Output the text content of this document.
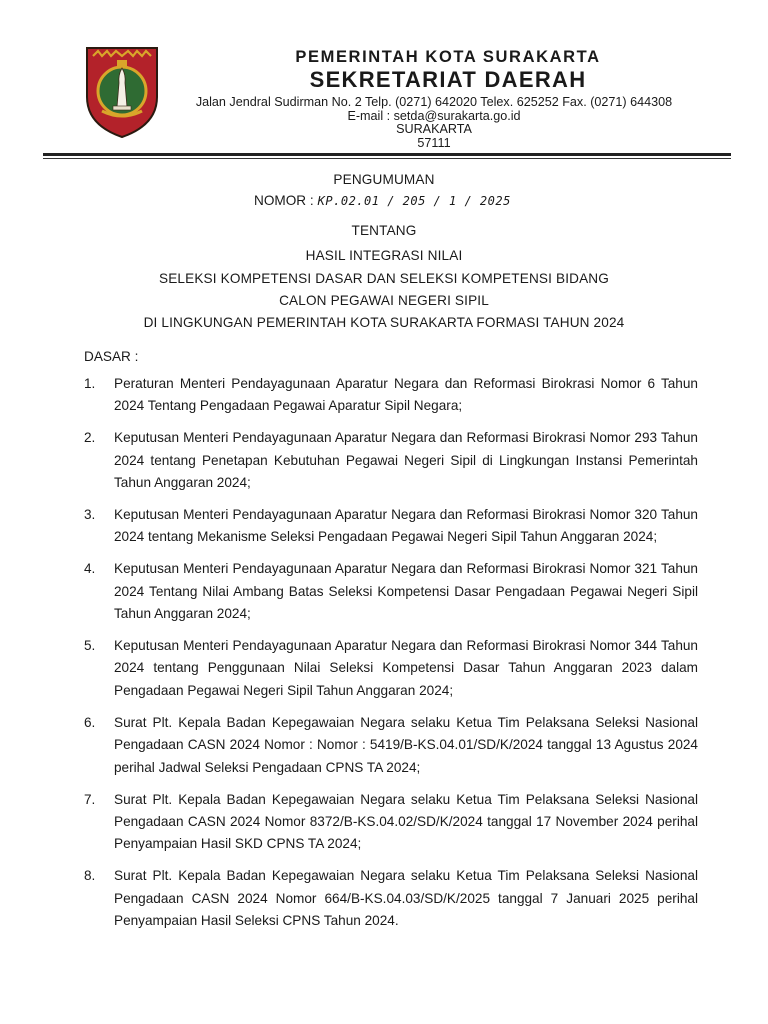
PEMERINTAH KOTA SURAKARTA
SEKRETARIAT DAERAH
Jalan Jendral Sudirman No. 2 Telp. (0271) 642020 Telex. 625252 Fax. (0271) 644308
E-mail : setda@surakarta.go.id
SURAKARTA
57111
PENGUMUMAN
NOMOR : KP.02.01 / 205 / 1 / 2025
TENTANG
HASIL INTEGRASI NILAI
SELEKSI KOMPETENSI DASAR DAN SELEKSI KOMPETENSI BIDANG
CALON PEGAWAI NEGERI SIPIL
DI LINGKUNGAN PEMERINTAH KOTA SURAKARTA FORMASI TAHUN 2024
DASAR :
1.	Peraturan Menteri Pendayagunaan Aparatur Negara dan Reformasi Birokrasi Nomor 6 Tahun 2024 Tentang Pengadaan Pegawai Aparatur Sipil Negara;
2.	Keputusan Menteri Pendayagunaan Aparatur Negara dan Reformasi Birokrasi Nomor 293 Tahun 2024 tentang Penetapan Kebutuhan Pegawai Negeri Sipil di Lingkungan Instansi Pemerintah Tahun Anggaran 2024;
3.	Keputusan Menteri Pendayagunaan Aparatur Negara dan Reformasi Birokrasi Nomor 320 Tahun 2024 tentang Mekanisme Seleksi Pengadaan Pegawai Negeri Sipil Tahun Anggaran 2024;
4.	Keputusan Menteri Pendayagunaan Aparatur Negara dan Reformasi Birokrasi Nomor 321 Tahun 2024 Tentang Nilai Ambang Batas Seleksi Kompetensi Dasar Pengadaan Pegawai Negeri Sipil Tahun Anggaran 2024;
5.	Keputusan Menteri Pendayagunaan Aparatur Negara dan Reformasi Birokrasi Nomor 344 Tahun 2024 tentang Penggunaan Nilai Seleksi Kompetensi Dasar Tahun Anggaran 2023 dalam Pengadaan Pegawai Negeri Sipil Tahun Anggaran 2024;
6.	Surat Plt. Kepala Badan Kepegawaian Negara selaku Ketua Tim Pelaksana Seleksi Nasional Pengadaan CASN 2024 Nomor : Nomor : 5419/B-KS.04.01/SD/K/2024 tanggal 13 Agustus 2024 perihal Jadwal Seleksi Pengadaan CPNS TA 2024;
7.	Surat Plt. Kepala Badan Kepegawaian Negara selaku Ketua Tim Pelaksana Seleksi Nasional Pengadaan CASN 2024 Nomor 8372/B-KS.04.02/SD/K/2024 tanggal 17 November 2024 perihal Penyampaian Hasil SKD CPNS TA 2024;
8.	Surat Plt. Kepala Badan Kepegawaian Negara selaku Ketua Tim Pelaksana Seleksi Nasional Pengadaan CASN 2024 Nomor 664/B-KS.04.03/SD/K/2025 tanggal 7 Januari 2025 perihal Penyampaian Hasil Seleksi CPNS Tahun 2024.
